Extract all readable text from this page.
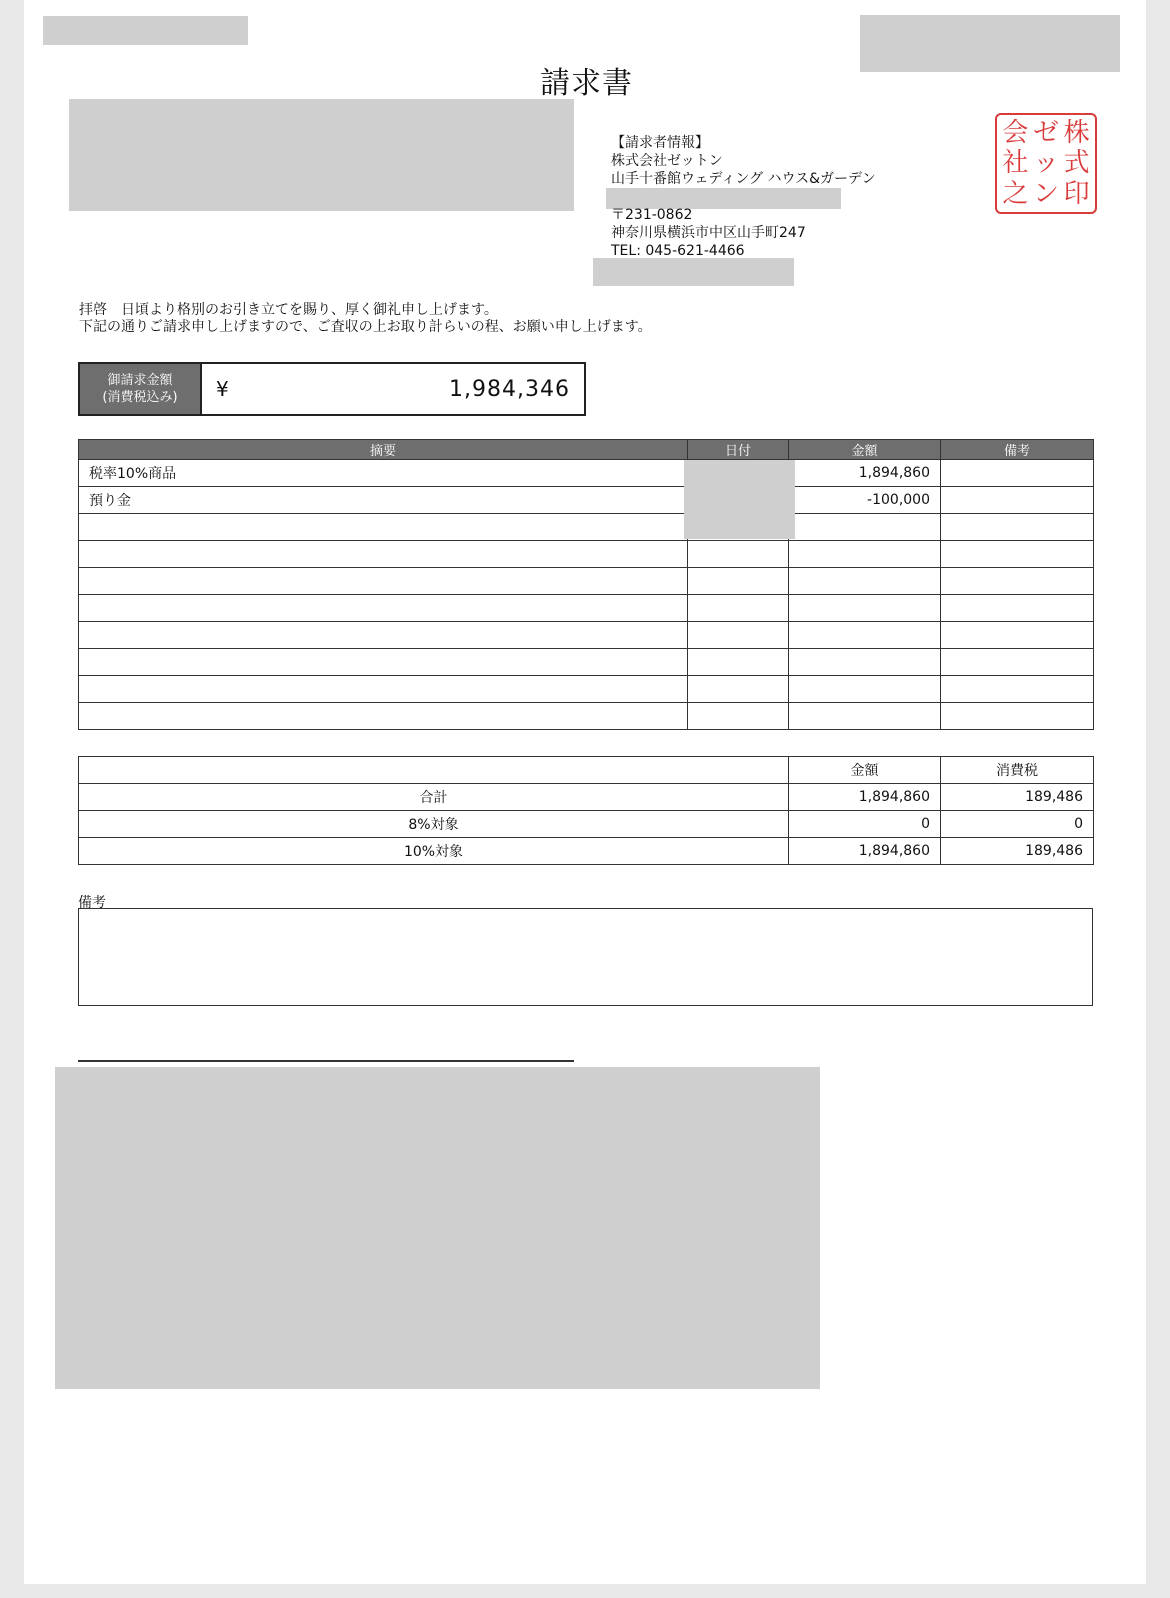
請求書
【請求者情報】
株式会社ゼットン
山手十番館ウェディング ハウス&ガーデン
〒231-0862
神奈川県横浜市中区山手町247
TEL: 045-621-4466
会 ゼ 株
社 ッ 式
之 ン 印
拝啓　日頃より格別のお引き立てを賜り、厚く御礼申し上げます。
下記の通りご請求申し上げますので、ご査収の上お取り計らいの程、お願い申し上げます。
御請求金額
(消費税込み) ¥	1,984,346
摘要	日付	金額	備考
税率10%商品		1,894,860	
預り金		-100,000	

	金額	消費税
合計	1,894,860	189,486
8%対象	0	0
10%対象	1,894,860	189,486
備考
